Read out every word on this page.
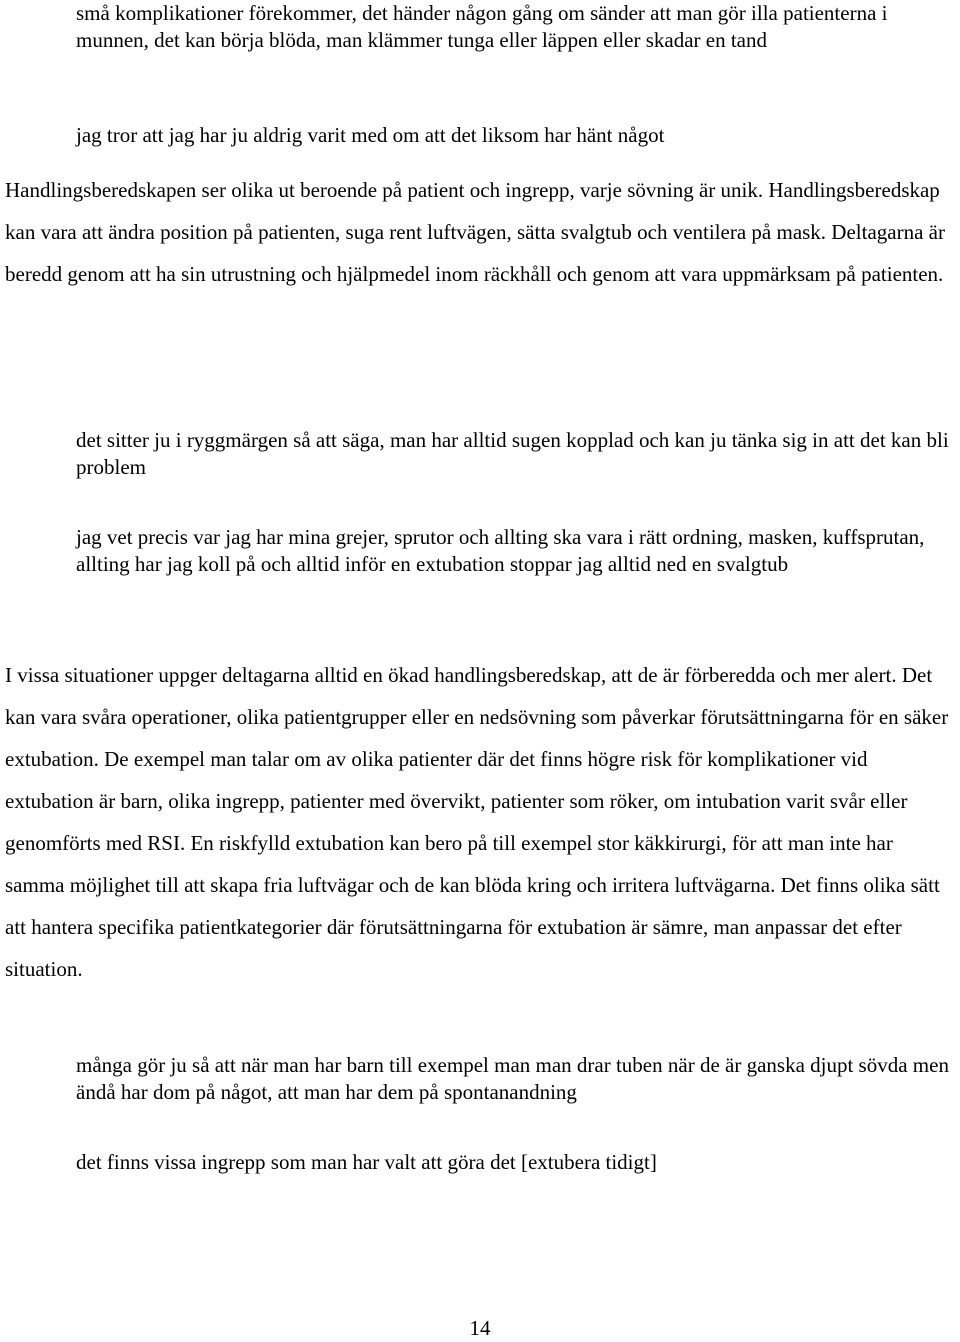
små komplikationer förekommer, det händer någon gång om sänder att man gör illa patienterna i munnen, det kan börja blöda, man klämmer tunga eller läppen eller skadar en tand

jag tror att jag har ju aldrig varit med om att det liksom har hänt något

Handlingsberedskapen ser olika ut beroende på patient och ingrepp, varje sövning är unik. Handlingsberedskap kan vara att ändra position på patienten, suga rent luftvägen, sätta svalgtub och ventilera på mask. Deltagarna är beredd genom att ha sin utrustning och hjälpmedel inom räckhåll och genom att vara uppmärksam på patienten.

det sitter ju i ryggmärgen så att säga, man har alltid sugen kopplad och kan ju tänka sig in att det kan bli problem

jag vet precis var jag har mina grejer, sprutor och allting ska vara i rätt ordning, masken, kuffsprutan, allting har jag koll på och alltid inför en extubation stoppar jag alltid ned en svalgtub

I vissa situationer uppger deltagarna alltid en ökad handlingsberedskap, att de är förberedda och mer alert. Det kan vara svåra operationer, olika patientgrupper eller en nedsövning som påverkar förutsättningarna för en säker extubation. De exempel man talar om av olika patienter där det finns högre risk för komplikationer vid extubation är barn, olika ingrepp, patienter med övervikt, patienter som röker, om intubation varit svår eller genomförts med RSI. En riskfylld extubation kan bero på till exempel stor käkkirurgi, för att man inte har samma möjlighet till att skapa fria luftvägar och de kan blöda kring och irritera luftvägarna. Det finns olika sätt att hantera specifika patientkategorier där förutsättningarna för extubation är sämre, man anpassar det efter situation.

många gör ju så att när man har barn till exempel man man drar tuben när de är ganska djupt sövda men ändå har dom på något, att man har dem på spontanandning

det finns vissa ingrepp som man har valt att göra det [extubera tidigt]

14
